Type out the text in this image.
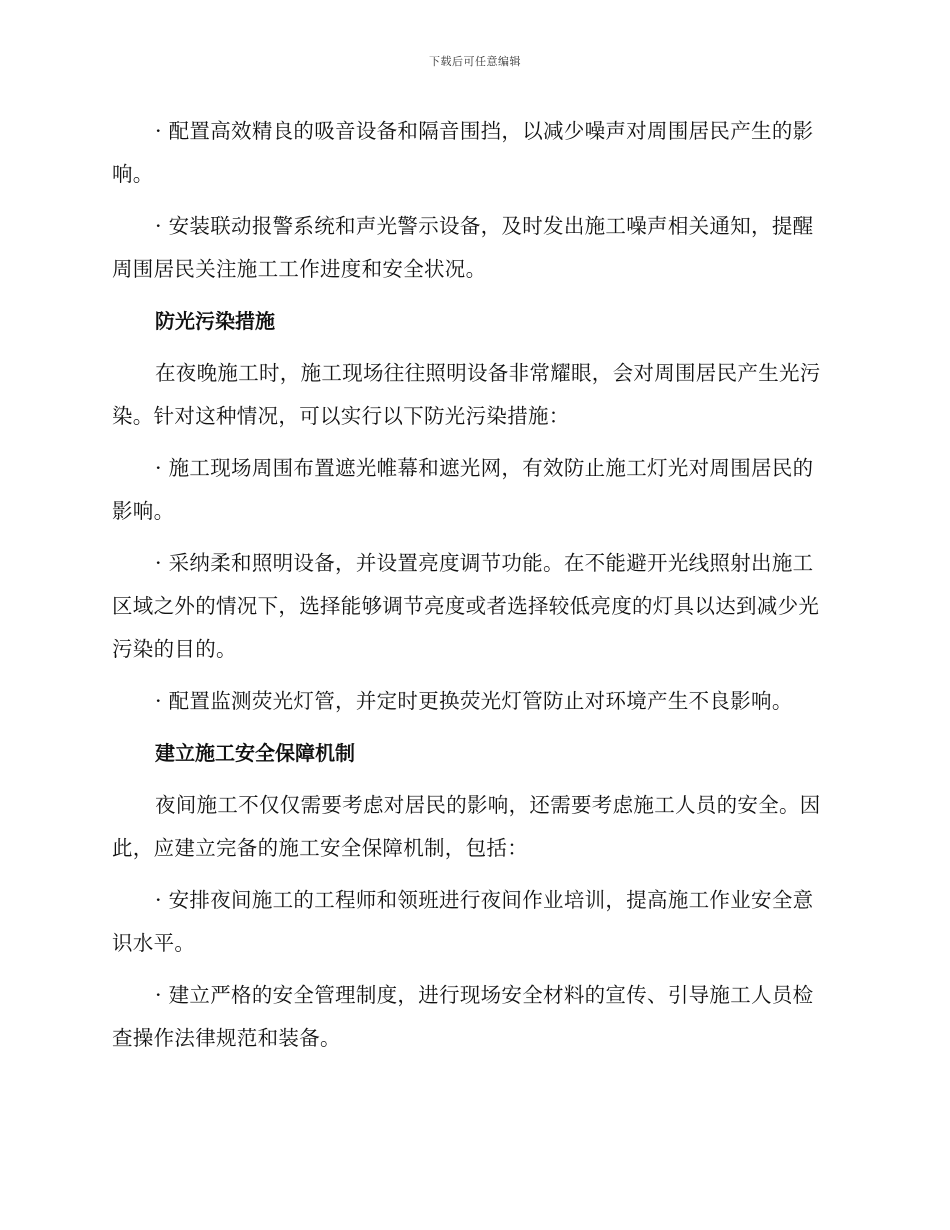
下载后可任意编辑

· 配置高效精良的吸音设备和隔音围挡，以减少噪声对周围居民产生的影响。

· 安装联动报警系统和声光警示设备，及时发出施工噪声相关通知，提醒周围居民关注施工工作进度和安全状况。

防光污染措施

在夜晚施工时，施工现场往往照明设备非常耀眼，会对周围居民产生光污染。针对这种情况，可以实行以下防光污染措施：

· 施工现场周围布置遮光帷幕和遮光网，有效防止施工灯光对周围居民的影响。

· 采纳柔和照明设备，并设置亮度调节功能。在不能避开光线照射出施工区域之外的情况下，选择能够调节亮度或者选择较低亮度的灯具以达到减少光污染的目的。

· 配置监测荧光灯管，并定时更换荧光灯管防止对环境产生不良影响。

建立施工安全保障机制

夜间施工不仅仅需要考虑对居民的影响，还需要考虑施工人员的安全。因此，应建立完备的施工安全保障机制，包括：

· 安排夜间施工的工程师和领班进行夜间作业培训，提高施工作业安全意识水平。

· 建立严格的安全管理制度，进行现场安全材料的宣传、引导施工人员检查操作法律规范和装备。
